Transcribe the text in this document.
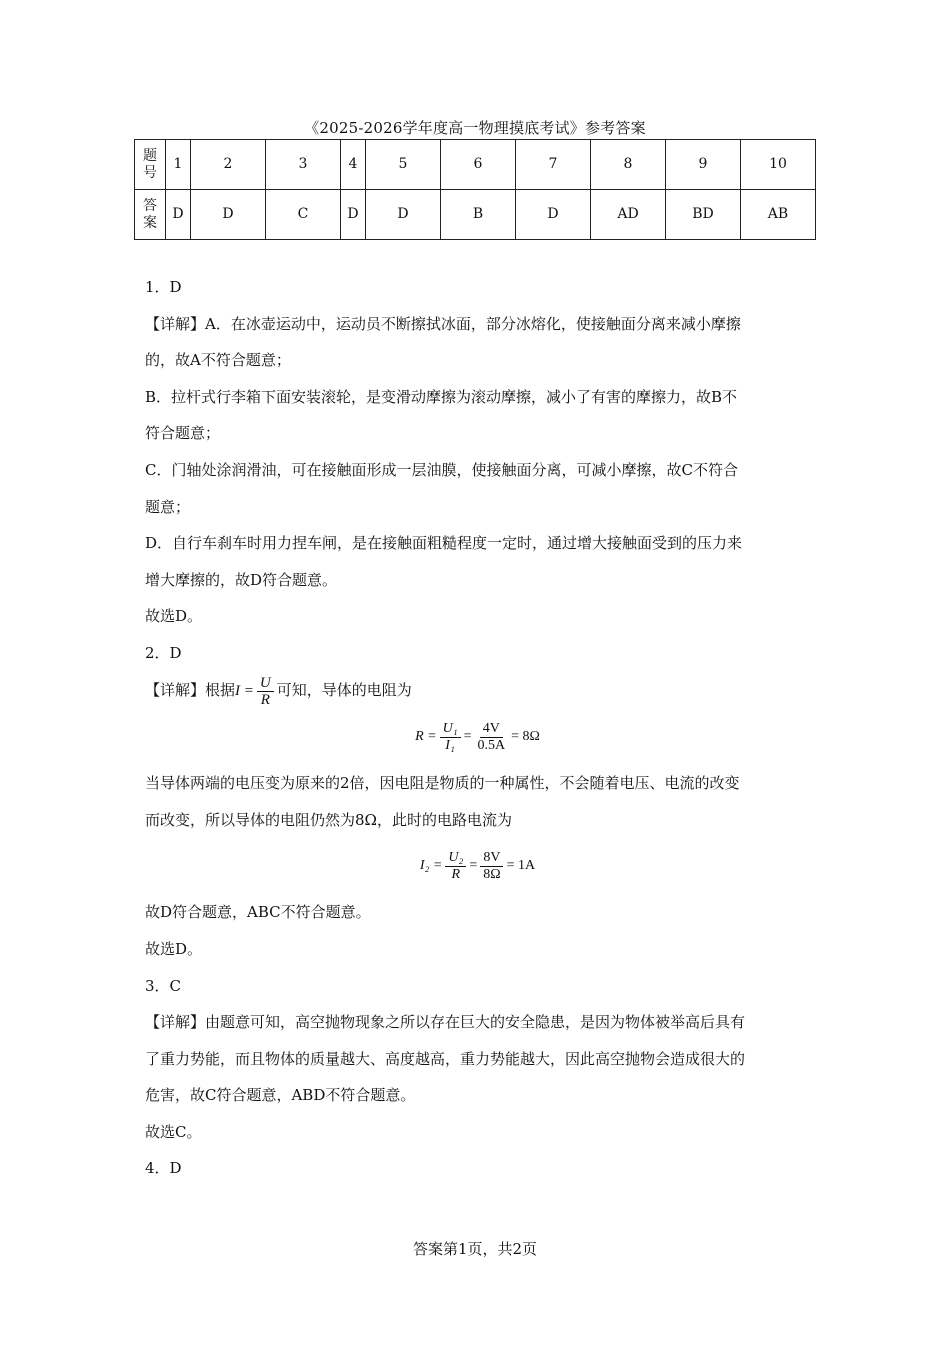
《2025-2026学年度高一物理摸底考试》参考答案
题
号	1	2	3	4	5	6	7	8	9	10

答
案	D	D	C	D	D	B	D	AD	BD	AB

1．D

【详解】A．在冰壶运动中，运动员不断擦拭冰面，部分冰熔化，使接触面分离来减小摩擦

的，故A不符合题意；

B．拉杆式行李箱下面安装滚轮，是变滑动摩擦为滚动摩擦，减小了有害的摩擦力，故B不

符合题意；

C．门轴处涂润滑油，可在接触面形成一层油膜，使接触面分离，可减小摩擦，故C不符合

题意；

D．自行车刹车时用力捏车闸，是在接触面粗糙程度一定时，通过增大接触面受到的压力来

增大摩擦的，故D符合题意。

故选D。

2．D

【详解】根据$I = \frac{U}{R}$ 可知，导体的电阻为

$R = \frac{\text{U₁}}{\text{I₁}} = \frac{4V}{0.5A} = 8\Omega$

当导体两端的电压变为原来的2倍，因电阻是物质的一种属性，不会随着电压、电流的改变

而改变，所以导体的电阻仍然为8Ω，此时的电路电流为

$I_2 = \frac{\text{U₂}}{R} = \frac{8V}{8\Omega} = 1A$

故D符合题意，ABC不符合题意。

故选D。

3．C

【详解】由题意可知，高空抛物现象之所以存在巨大的安全隐患，是因为物体被举高后具有

了重力势能，而且物体的质量越大、高度越高，重力势能越大，因此高空抛物会造成很大的

危害，故C符合题意，ABD不符合题意。

故选C。

4．D

答案第1页，共2页
